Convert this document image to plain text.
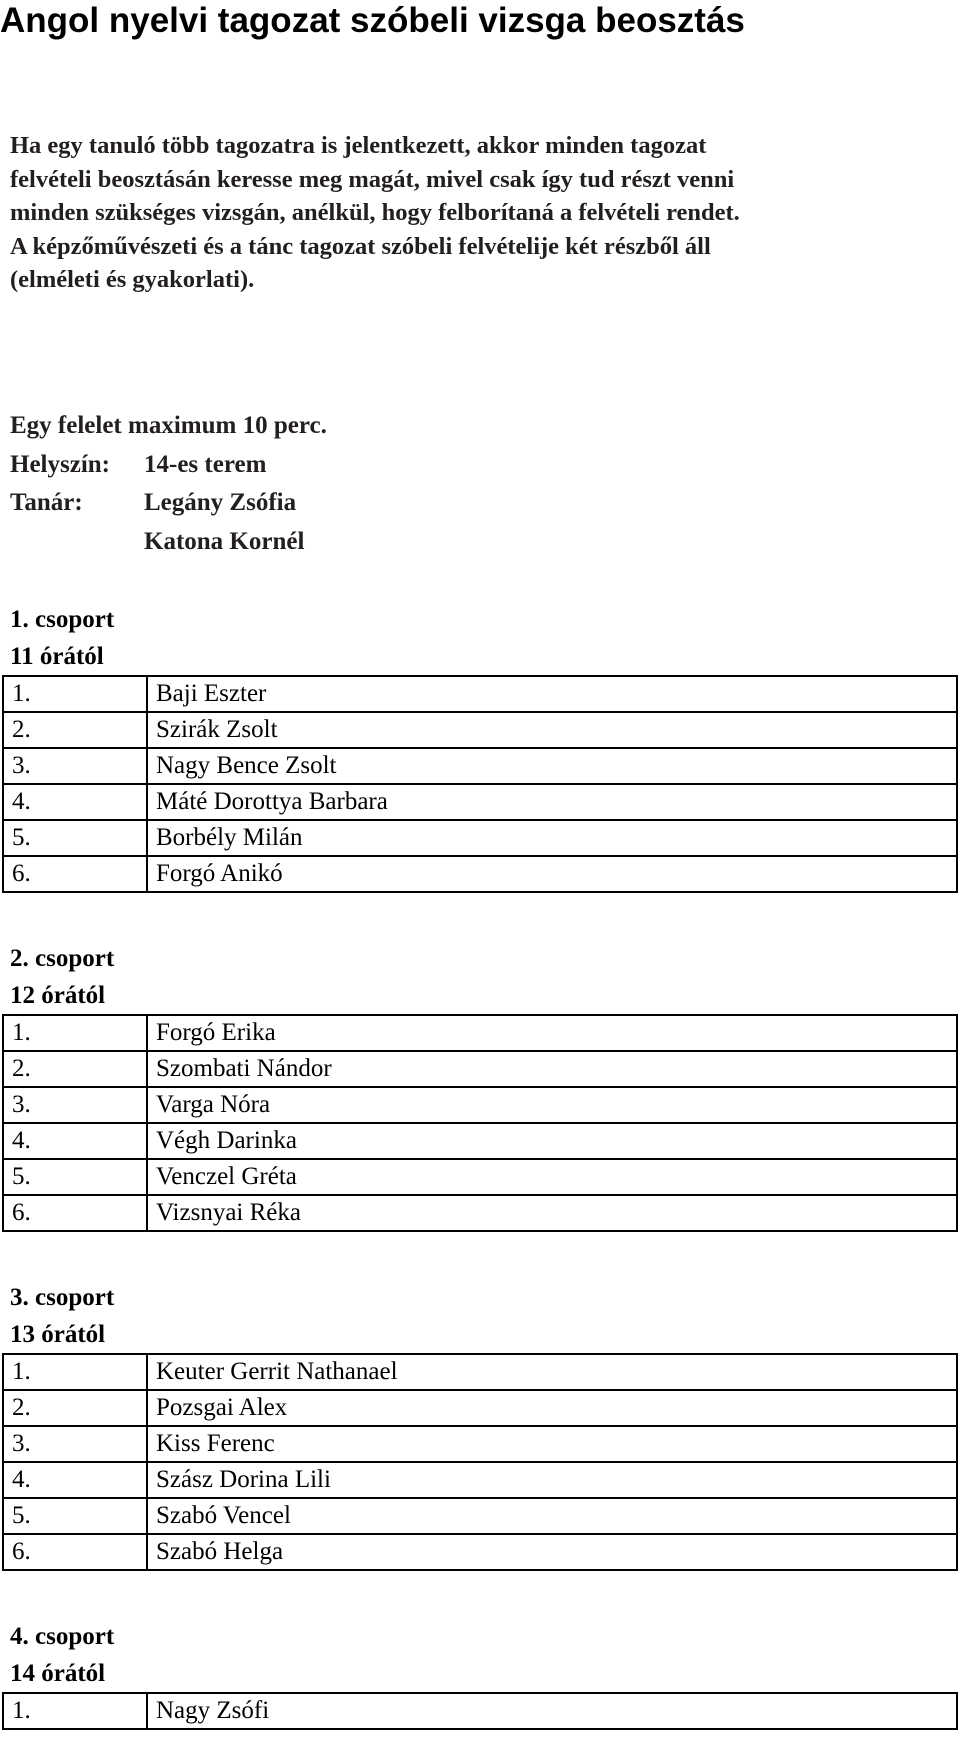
Angol nyelvi tagozat szóbeli vizsga beosztás

Ha egy tanuló több tagozatra is jelentkezett, akkor minden tagozat
felvételi beosztásán keresse meg magát, mivel csak így tud részt venni
minden szükséges vizsgán, anélkül, hogy felborítaná a felvételi rendet.
A képzőművészeti és a tánc tagozat szóbeli felvételije két részből áll
(elméleti és gyakorlati).

Egy felelet maximum 10 perc.
Helyszín: 14-es terem
Tanár: Legány Zsófia
Katona Kornél
1. csoport
11 órától
1.	Baji Eszter
2.	Szirák Zsolt
3.	Nagy Bence Zsolt
4.	Máté Dorottya Barbara
5.	Borbély Milán
6.	Forgó Anikó
2. csoport
12 órától
1.	Forgó Erika
2.	Szombati Nándor
3.	Varga Nóra
4.	Végh Darinka
5.	Venczel Gréta
6.	Vizsnyai Réka
3. csoport
13 órától
1.	Keuter Gerrit Nathanael
2.	Pozsgai Alex
3.	Kiss Ferenc
4.	Szász Dorina Lili
5.	Szabó Vencel
6.	Szabó Helga
4. csoport
14 órától
1.	Nagy Zsófi
